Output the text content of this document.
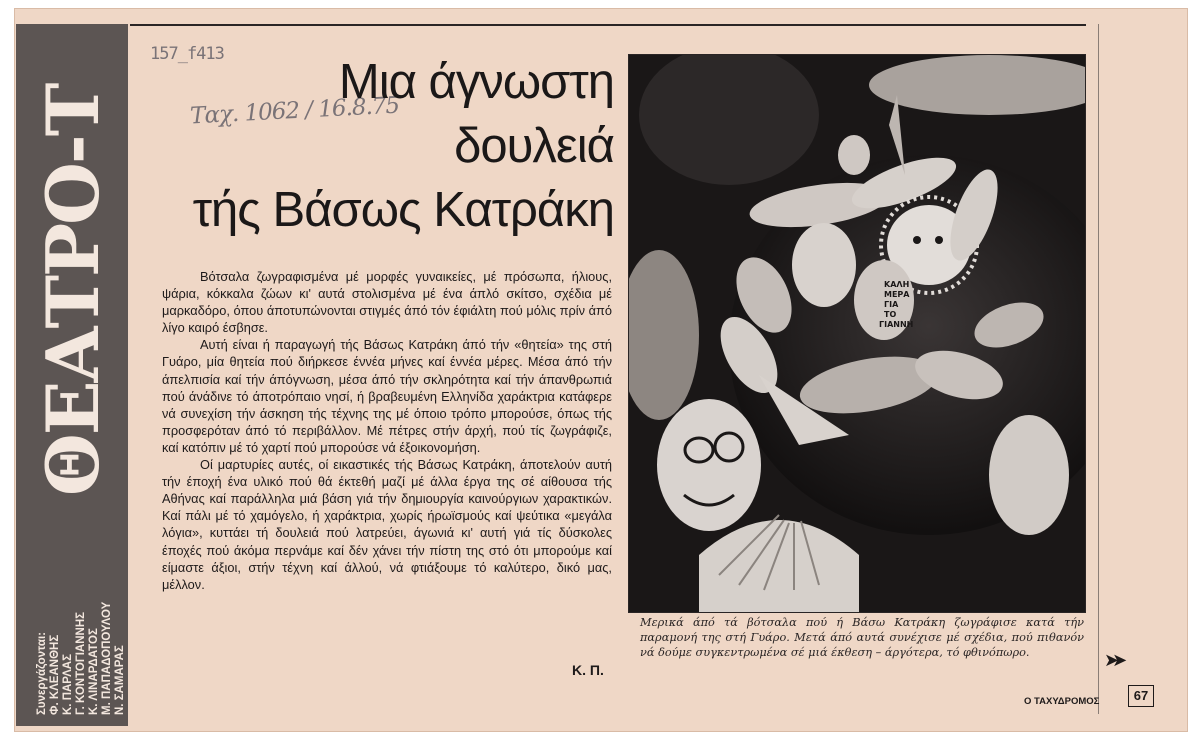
ΘΕΑΤΡΟ-Τ
Συνεργάζονται: Φ. ΚΛΕΑΝΘΗΣ Κ. ΠΑΡΛΑΣ Γ. ΚΟΝΤΟΓΙΑΝΝΗΣ Κ. ΛΙΝΑΡΔΑΤΟΣ Μ. ΠΑΠΑΔΟΠΟΥΛΟΥ Ν. ΣΑΜΑΡΑΣ
157_f413
Ταχ. 1062 / 16.8.75
Μια άγνωστη
δουλειά
τής Βάσως Κατράκη

Βότσαλα ζωγραφισμένα μέ μορφές γυναικείες, μέ πρόσωπα, ήλιους, ψάρια, κόκκαλα ζώων κι' αυτά στολισμένα μέ ένα άπλό σκίτσο, σχέδια μέ μαρκαδόρο, όπου άποτυπώνονται στιγμές άπό τόν έφιάλτη πού μόλις πρίν άπό λίγο καιρό έσβησε.

Αυτή είναι ή παραγωγή τής Βάσως Κατράκη άπό τήν «θητεία» της στή Γυάρο, μία θητεία πού διήρκεσε έννέα μήνες καί έννέα μέρες. Μέσα άπό τήν άπελπισία καί τήν άπόγνωση, μέσα άπό τήν σκληρότητα καί τήν άπανθρωπιά πού άνάδινε τό άποτρόπαιο νησί, ή βραβευμένη Ελληνίδα χαράκτρια κατάφερε νά συνεχίση τήν άσκηση τής τέχνης της μέ όποιο τρόπο μπορούσε, όπως τής προσφερόταν άπό τό περιβάλλον. Μέ πέτρες στήν άρχή, πού τίς ζωγράφιζε, καί κατόπιν μέ τό χαρτί πού μπορούσε νά έξοικονομήση.

Οί μαρτυρίες αυτές, οί εικαστικές τής Βάσως Κατράκη, άποτελούν αυτή τήν έποχή ένα υλικό πού θά έκτεθή μαζί μέ άλλα έργα της σέ αίθουσα τής Αθήνας καί παράλληλα μιά βάση γιά τήν δημιουργία καινούργιων χαρακτικών. Καί πάλι μέ τό χαμόγελο, ή χαράκτρια, χωρίς ήρωϊσμούς καί ψεύτικα «μεγάλα λόγια», κυττάει τή δουλειά πού λατρεύει, άγωνιά κι' αυτή γιά τίς δύσκολες έποχές πού άκόμα περνάμε καί δέν χάνει τήν πίστη της στό ότι μπορούμε καί είμαστε άξιοι, στήν τέχνη καί άλλού, νά φτιάξουμε τό καλύτερο, δικό μας, μέλλον.

Κ. Π.
ΚΑΛΗ
ΜΕΡΑ
ΓΙΑ
ΤΟ
ΓΙΑΝΝΗ
Μερικά άπό τά βότσαλα πού ή Βάσω Κατράκη ζωγράφισε κατά τήν παραμονή της στή Γυάρο. Μετά άπό αυτά συνέχισε μέ σχέδια, πού πιθανόν νά δούμε συγκεντρωμένα σέ μιά έκθεση – άργότερα, τό φθινόπωρο.	➤➤
Ο ΤΑΧΥΔΡΟΜΟΣ	67
